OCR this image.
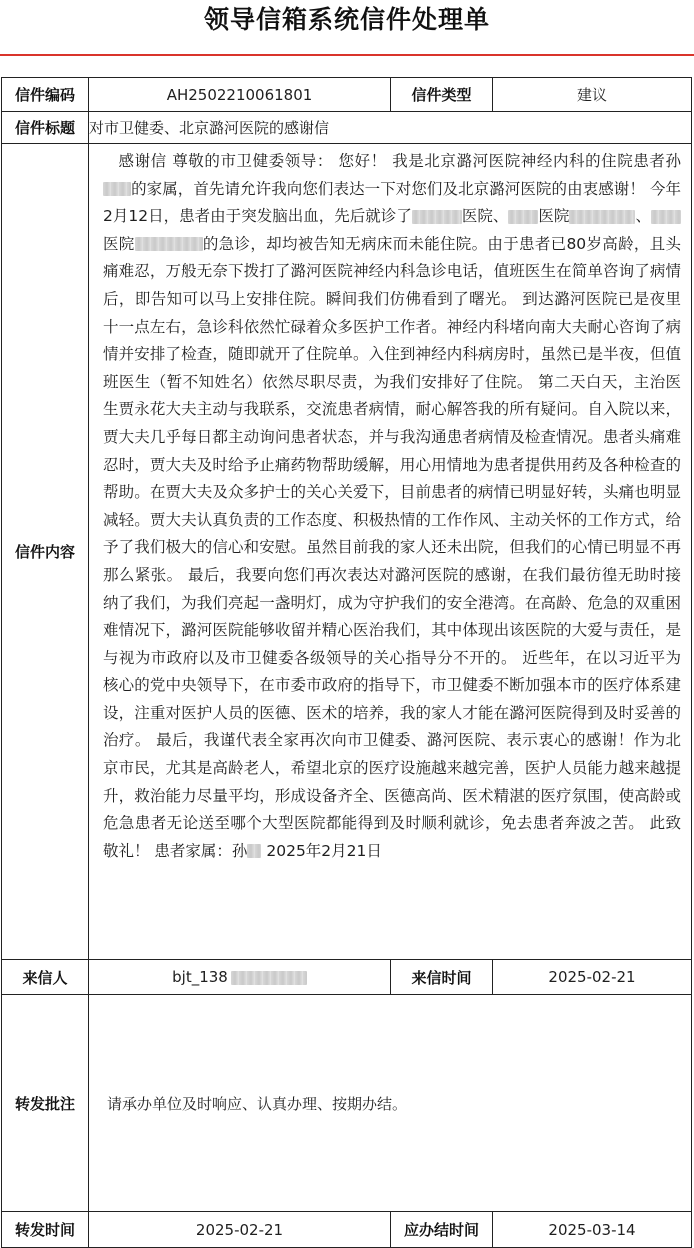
领导信箱系统信件处理单
信件编码	AH2502210061801	信件类型	建议
信件标题	对市卫健委、北京潞河医院的感谢信		
信件内容	感谢信 尊敬的市卫健委领导： 您好！ 我是北京潞河医院神经内科的住院患者孙的家属，首先请允许我向您们表达一下对您们及北京潞河医院的由衷感谢！ 今年2月12日，患者由于突发脑出血，先后就诊了 医院、 医院 、医院 的急诊，却均被告知无病床而未能住院。由于患者已80岁高龄，且头痛难忍，万般无奈下拨打了潞河医院神经内科急诊电话，值班医生在简单咨询了病情后，即告知可以马上安排住院。瞬间我们仿佛看到了曙光。 到达潞河医院已是夜里十一点左右，急诊科依然忙碌着众多医护工作者。神经内科堵向南大夫耐心咨询了病情并安排了检查，随即就开了住院单。入住到神经内科病房时，虽然已是半夜，但值班医生（暂不知姓名）依然尽职尽责，为我们安排好了住院。 第二天白天，主治医生贾永花大夫主动与我联系，交流患者病情，耐心解答我的所有疑问。自入院以来，贾大夫几乎每日都主动询问患者状态，并与我沟通患者病情及检查情况。患者头痛难忍时，贾大夫及时给予止痛药物帮助缓解，用心用情地为患者提供用药及各种检查的帮助。在贾大夫及众多护士的关心关爱下，目前患者的病情已明显好转，头痛也明显减轻。贾大夫认真负责的工作态度、积极热情的工作作风、主动关怀的工作方式，给予了我们极大的信心和安慰。虽然目前我的家人还未出院，但我们的心情已明显不再那么紧张。 最后，我要向您们再次表达对潞河医院的感谢，在我们最彷徨无助时接纳了我们，为我们亮起一盏明灯，成为守护我们的安全港湾。在高龄、危急的双重困难情况下，潞河医院能够收留并精心医治我们，其中体现出该医院的大爱与责任，是与视为市政府以及市卫健委各级领导的关心指导分不开的。 近些年，在以习近平为核心的党中央领导下，在市委市政府的指导下，市卫健委不断加强本市的医疗体系建设，注重对医护人员的医德、医术的培养，我的家人才能在潞河医院得到及时妥善的治疗。 最后，我谨代表全家再次向市卫健委、潞河医院、表示衷心的感谢！作为北京市民，尤其是高龄老人，希望北京的医疗设施越来越完善，医护人员能力越来越提升，救治能力尽量平均，形成设备齐全、医德高尚、医术精湛的医疗氛围，使高龄或危急患者无论送至哪个大型医院都能得到及时顺利就诊，免去患者奔波之苦。 此致 敬礼！ 患者家属：孙 2025年2月21日		

来信人	bjt_138	来信时间	2025-02-21
转发批注	请承办单位及时响应、认真办理、按期办结。		

转发时间	2025-02-21	应办结时间	2025-03-14
